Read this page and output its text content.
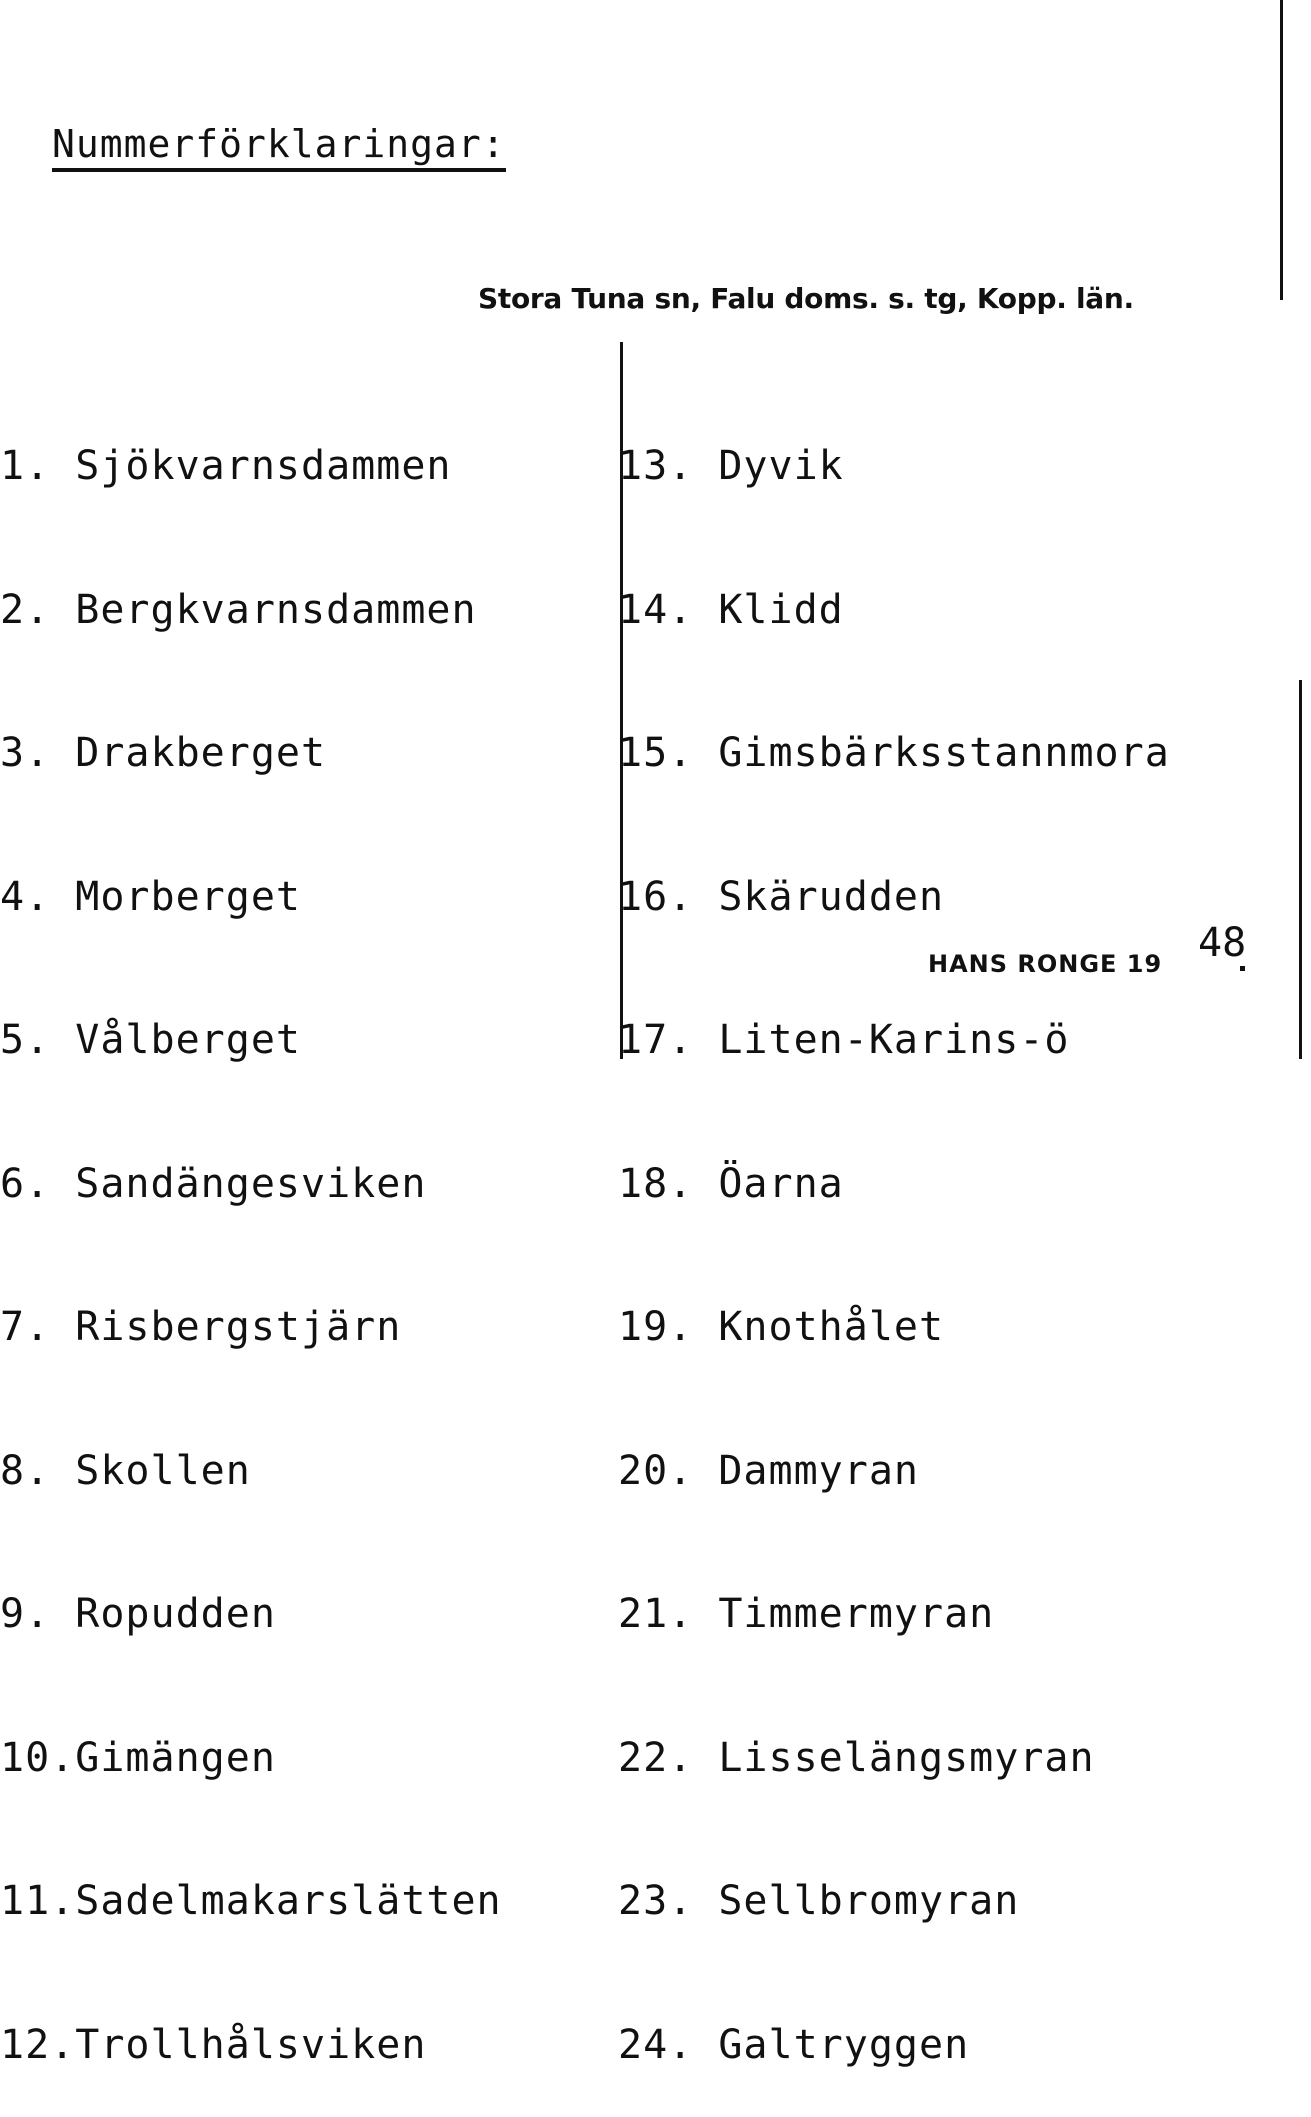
Nummerförklaringar:
Stora Tuna sn, Falu doms. s. tg, Kopp. län.

1. Sjökvarnsdammen

2. Bergkvarnsdammen

3. Drakberget

4. Morberget

5. Vålberget

6. Sandängesviken

7. Risbergstjärn

8. Skollen

9. Ropudden

10.Gimängen

11.Sadelmakarslätten

12.Trollhålsviken

13. Dyvik

14. Klidd

15. Gimsbärksstannmora

16. Skärudden

17. Liten-Karins-ö

18. Öarna

19. Knothålet

20. Dammyran

21. Timmermyran

22. Lisselängsmyran

23. Sellbromyran

24. Galtryggen

HANS RONGE 19 48
